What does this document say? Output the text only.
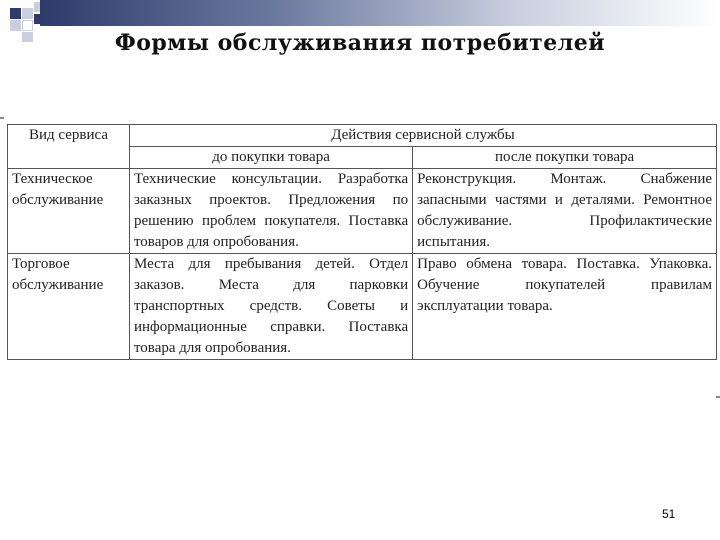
Формы обслуживания потребителей
Вид сервиса	Действия сервисной службы	
	до покупки товара	после покупки товара
Техническое обслуживание	Технические консультации. Разработка заказных проектов. Предложения по решению проблем покупателя. Поставка товаров для опробования.	Реконструкция. Монтаж. Снабжение запасными частями и деталями. Ремонтное обслуживание. Профилактические испытания.
Торговое обслуживание	Места для пребывания детей. Отдел заказов. Места для парковки транспортных средств. Советы и информационные справки. Поставка товара для опробования.	Право обмена товара. Поставка. Упаковка. Обучение покупателей правилам эксплуатации товара.
51
